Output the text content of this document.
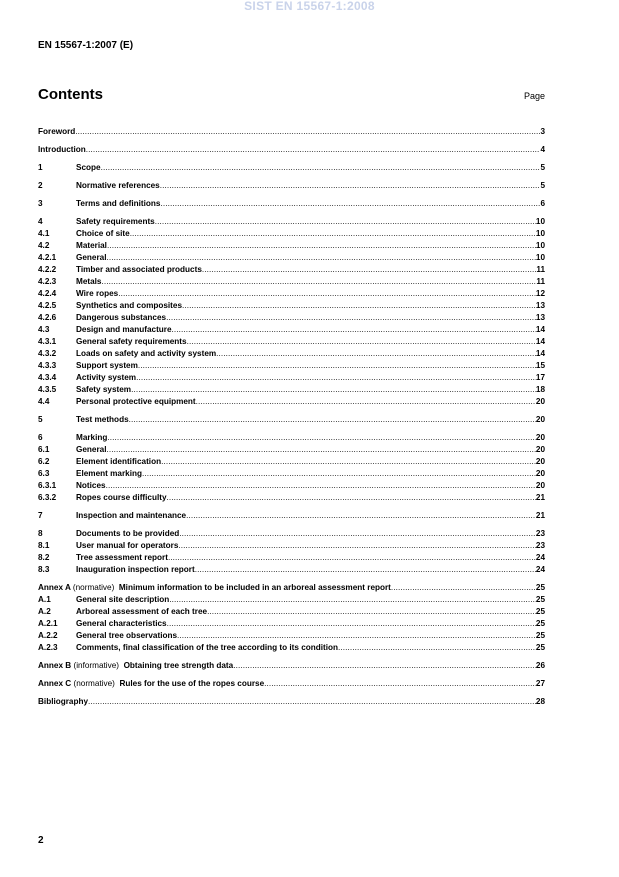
SIST EN 15567-1:2008
EN 15567-1:2007 (E)
Contents	Page
Foreword .....	3
Introduction .....	4
1	Scope .....	5
2	Normative references .....	5
3	Terms and definitions .....	6
4	Safety requirements .....	10
4.1	Choice of site .....	10
4.2	Material .....	10
4.2.1	General .....	10
4.2.2	Timber and associated products .....	11
4.2.3	Metals .....	11
4.2.4	Wire ropes .....	12
4.2.5	Synthetics and composites .....	13
4.2.6	Dangerous substances .....	13
4.3	Design and manufacture .....	14
4.3.1	General safety requirements .....	14
4.3.2	Loads on safety and activity system .....	14
4.3.3	Support system .....	15
4.3.4	Activity system .....	17
4.3.5	Safety system .....	18
4.4	Personal protective equipment .....	20
5	Test methods .....	20
6	Marking .....	20
6.1	General .....	20
6.2	Element identification .....	20
6.3	Element marking .....	20
6.3.1	Notices .....	20
6.3.2	Ropes course difficulty .....	21
7	Inspection and maintenance .....	21
8	Documents to be provided .....	23
8.1	User manual for operators .....	23
8.2	Tree assessment report .....	24
8.3	Inauguration inspection report .....	24
Annex A (normative) Minimum information to be included in an arboreal assessment report .....	25
A.1	General site description .....	25
A.2	Arboreal assessment of each tree .....	25
A.2.1	General characteristics .....	25
A.2.2	General tree observations .....	25
A.2.3	Comments, final classification of the tree according to its condition .....	25
Annex B (informative) Obtaining tree strength data .....	26
Annex C (normative) Rules for the use of the ropes course .....	27
Bibliography .....	28
2
